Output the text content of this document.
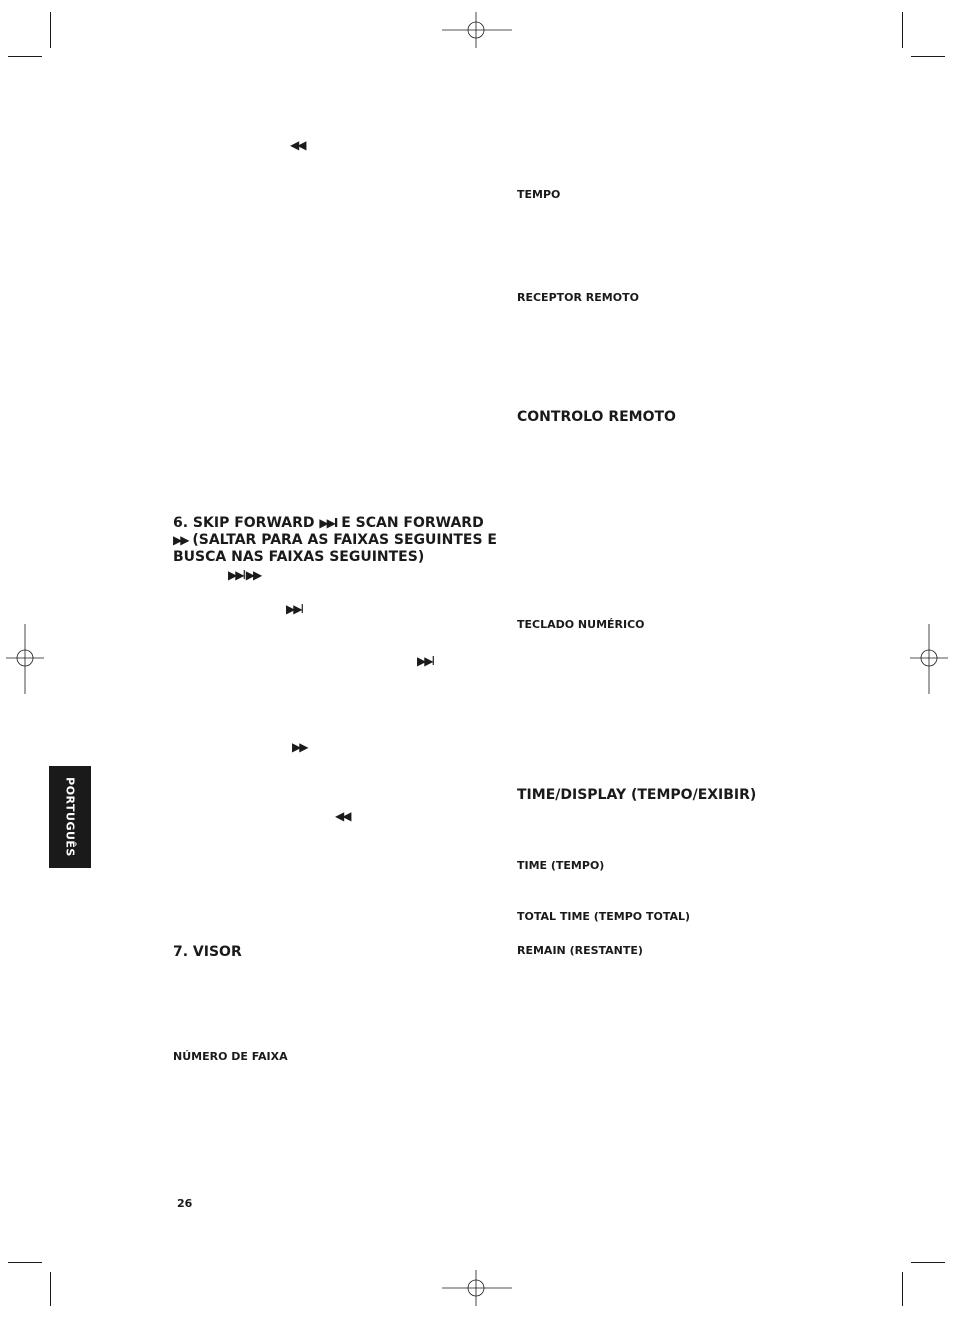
◀◀
6. SKIP FORWARD ▶▶I E SCAN FORWARD ▶▶ (SALTAR PARA AS FAIXAS SEGUINTES E BUSCA NAS FAIXAS SEGUINTES)
▶▶I ▶▶
▶▶I
▶▶I
▶▶
◀◀
7. VISOR
NÚMERO DE FAIXA
TEMPO
RECEPTOR REMOTO
CONTROLO REMOTO
TECLADO NUMÉRICO
TIME/DISPLAY (TEMPO/EXIBIR)
TIME (TEMPO)
TOTAL TIME (TEMPO TOTAL)
REMAIN (RESTANTE)
PORTUGUÊS
26
